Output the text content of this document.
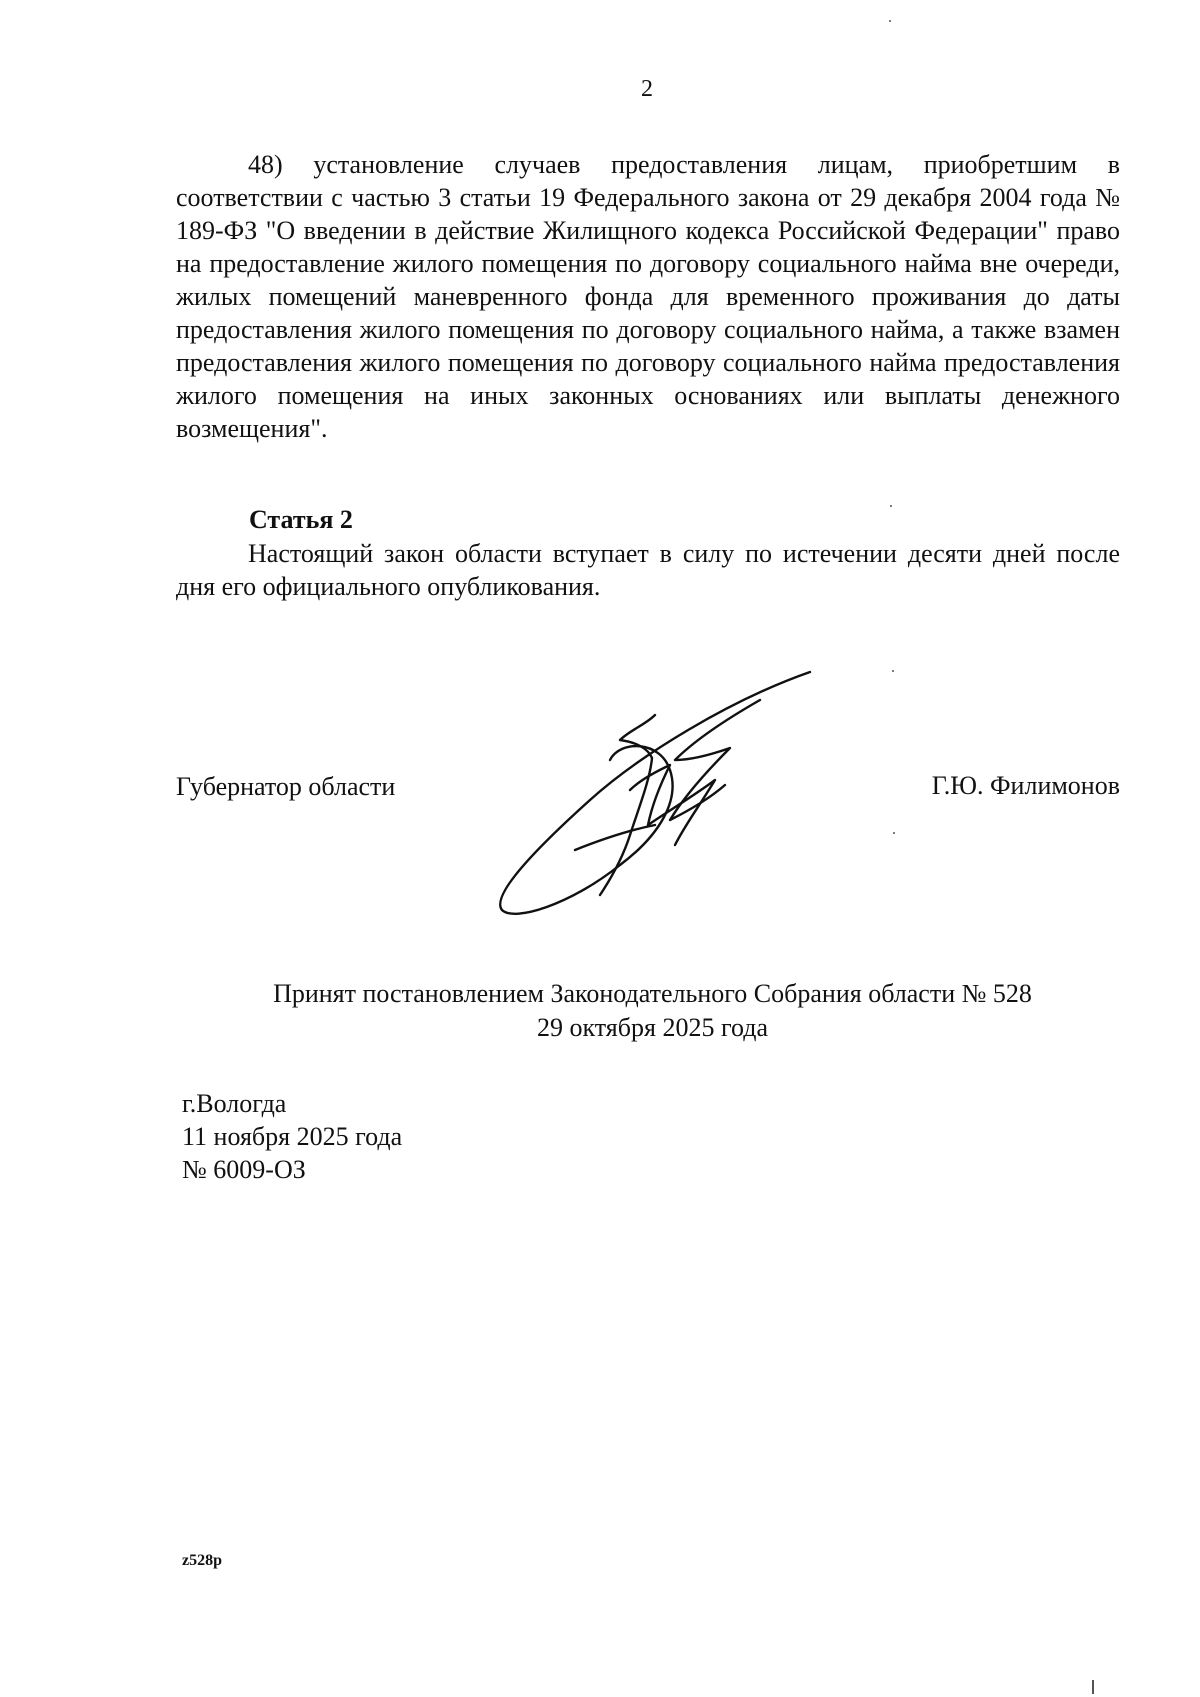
2

48) установление случаев предоставления лицам, приобретшим в соответствии с частью 3 статьи 19 Федерального закона от 29 декабря 2004 года № 189-ФЗ "О введении в действие Жилищного кодекса Российской Федерации" право на предоставление жилого помещения по договору социального найма вне очереди, жилых помещений маневренного фонда для временного проживания до даты предоставления жилого помещения по договору социального найма, а также взамен предоставления жилого помещения по договору социального найма предоставления жилого помещения на иных законных основаниях или выплаты денежного возмещения".

Статья 2

Настоящий закон области вступает в силу по истечении десяти дней после дня его официального опубликования.

Губернатор области	Г.Ю. Филимонов
Принят постановлением Законодательного Собрания области № 528
29 октября 2025 года
г.Вологда
11 ноября 2025 года
№ 6009-ОЗ
z528p
